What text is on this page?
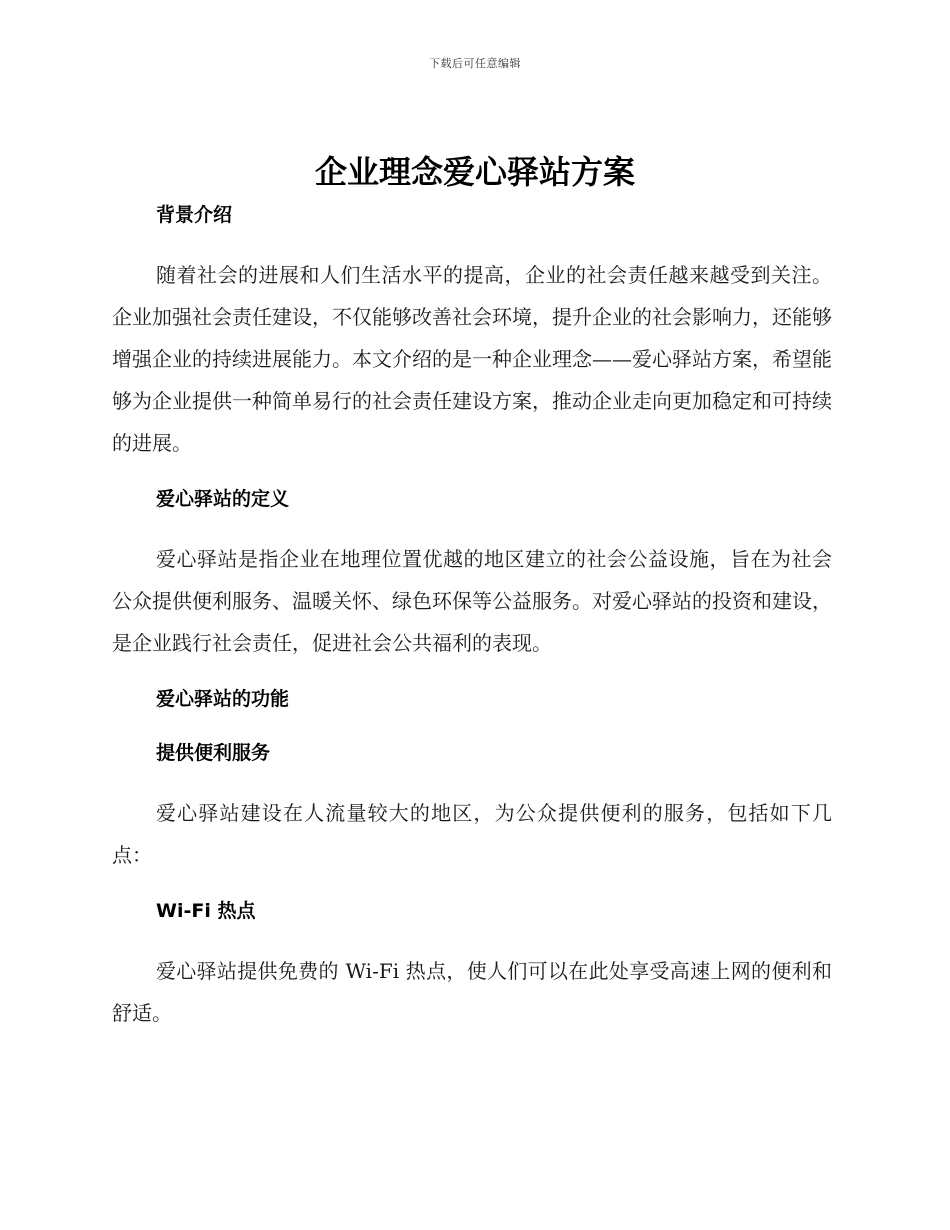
下载后可任意编辑
企业理念爱心驿站方案

背景介绍

随着社会的进展和人们生活水平的提高，企业的社会责任越来越受到关注。企业加强社会责任建设，不仅能够改善社会环境，提升企业的社会影响力，还能够增强企业的持续进展能力。本文介绍的是一种企业理念——爱心驿站方案，希望能够为企业提供一种简单易行的社会责任建设方案，推动企业走向更加稳定和可持续的进展。

爱心驿站的定义

爱心驿站是指企业在地理位置优越的地区建立的社会公益设施，旨在为社会公众提供便利服务、温暖关怀、绿色环保等公益服务。对爱心驿站的投资和建设，是企业践行社会责任，促进社会公共福利的表现。

爱心驿站的功能

提供便利服务

爱心驿站建设在人流量较大的地区，为公众提供便利的服务，包括如下几点：

Wi-Fi 热点

爱心驿站提供免费的 Wi-Fi 热点，使人们可以在此处享受高速上网的便利和舒适。
